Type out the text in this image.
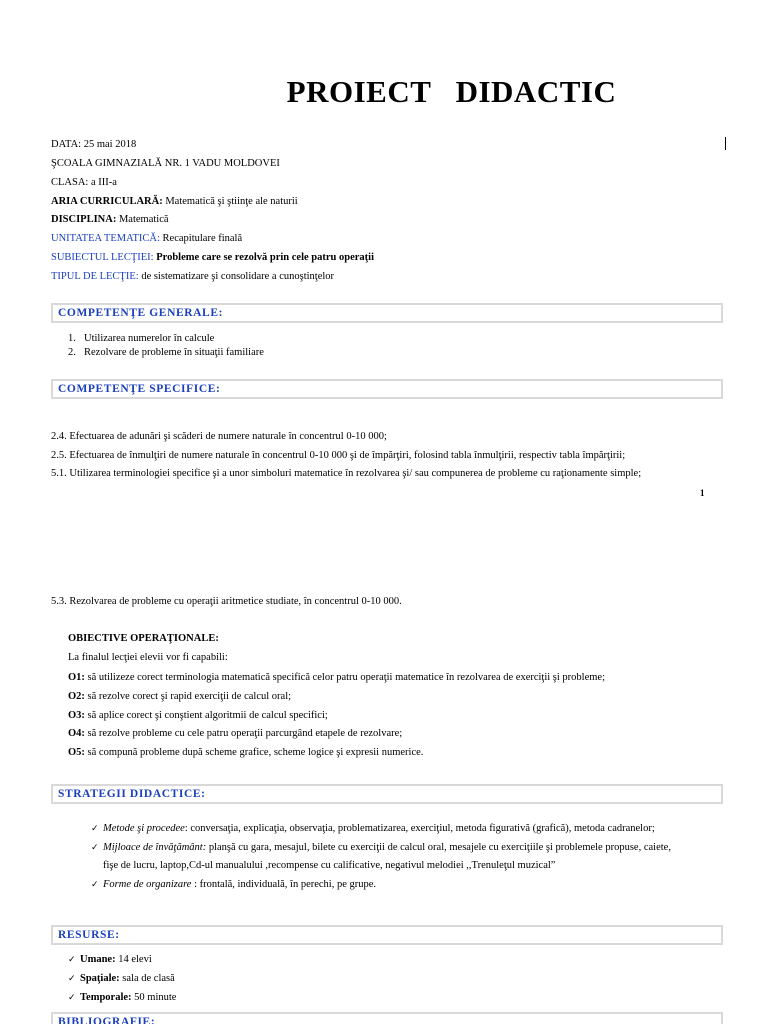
PROIECT   DIDACTIC
DATA: 25 mai 2018
ŞCOALA GIMNAZIALĂ NR. 1 VADU MOLDOVEI
CLASA: a III-a
ARIA CURRICULARĂ: Matematică şi ştiinţe ale naturii
DISCIPLINA: Matematică
UNITATEA TEMATICĂ: Recapitulare finală
SUBIECTUL LECŢIEI: Probleme care se rezolvă prin cele patru operaţii
TIPUL DE LECŢIE: de sistematizare şi consolidare a cunoştinţelor
COMPETENŢE GENERALE:
1. Utilizarea numerelor în calcule
2. Rezolvare de probleme în situaţii familiare
COMPETENŢE SPECIFICE:
2.4. Efectuarea de adunări şi scăderi de numere naturale în concentrul 0-10 000;
2.5. Efectuarea de înmulţiri de numere naturale în concentrul 0-10 000 şi de împărţiri, folosind tabla înmulţirii, respectiv tabla împărţirii;
5.1. Utilizarea terminologiei specifice şi a unor simboluri matematice în rezolvarea şi/ sau compunerea de probleme cu raţionamente simple;
1
5.3. Rezolvarea de probleme cu operaţii aritmetice studiate, în concentrul 0-10 000.
OBIECTIVE OPERAŢIONALE:
La finalul lecţiei elevii vor fi capabili:
O1: să utilizeze corect terminologia matematică specifică celor patru operaţii matematice în rezolvarea de exerciţii şi probleme;
O2: să rezolve corect şi rapid exerciţii de calcul oral;
O3: să aplice corect şi conştient algoritmii de calcul specifici;
O4: să rezolve probleme cu cele patru operaţii parcurgând etapele de rezolvare;
O5: să compună probleme după scheme grafice, scheme logice şi expresii numerice.
STRATEGII DIDACTICE:
✓ Metode şi procedee: conversaţia, explicaţia, observaţia, problematizarea, exerciţiul, metoda figurativă (grafică), metoda cadranelor;
✓ Mijloace de învăţământ: planşă cu gara, mesajul, bilete cu exerciţii de calcul oral, mesajele cu exerciţiile şi problemele propuse, caiete,
fişe de lucru, laptop,Cd-ul manualului ,recompense cu calificative, negativul melodiei ,,Trenuleţul muzical”
✓ Forme de organizare : frontală, individuală, în perechi, pe grupe.
RESURSE:
✓ Umane: 14 elevi
✓ Spaţiale: sala de clasă
✓ Temporale: 50 minute
BIBLIOGRAFIE:
